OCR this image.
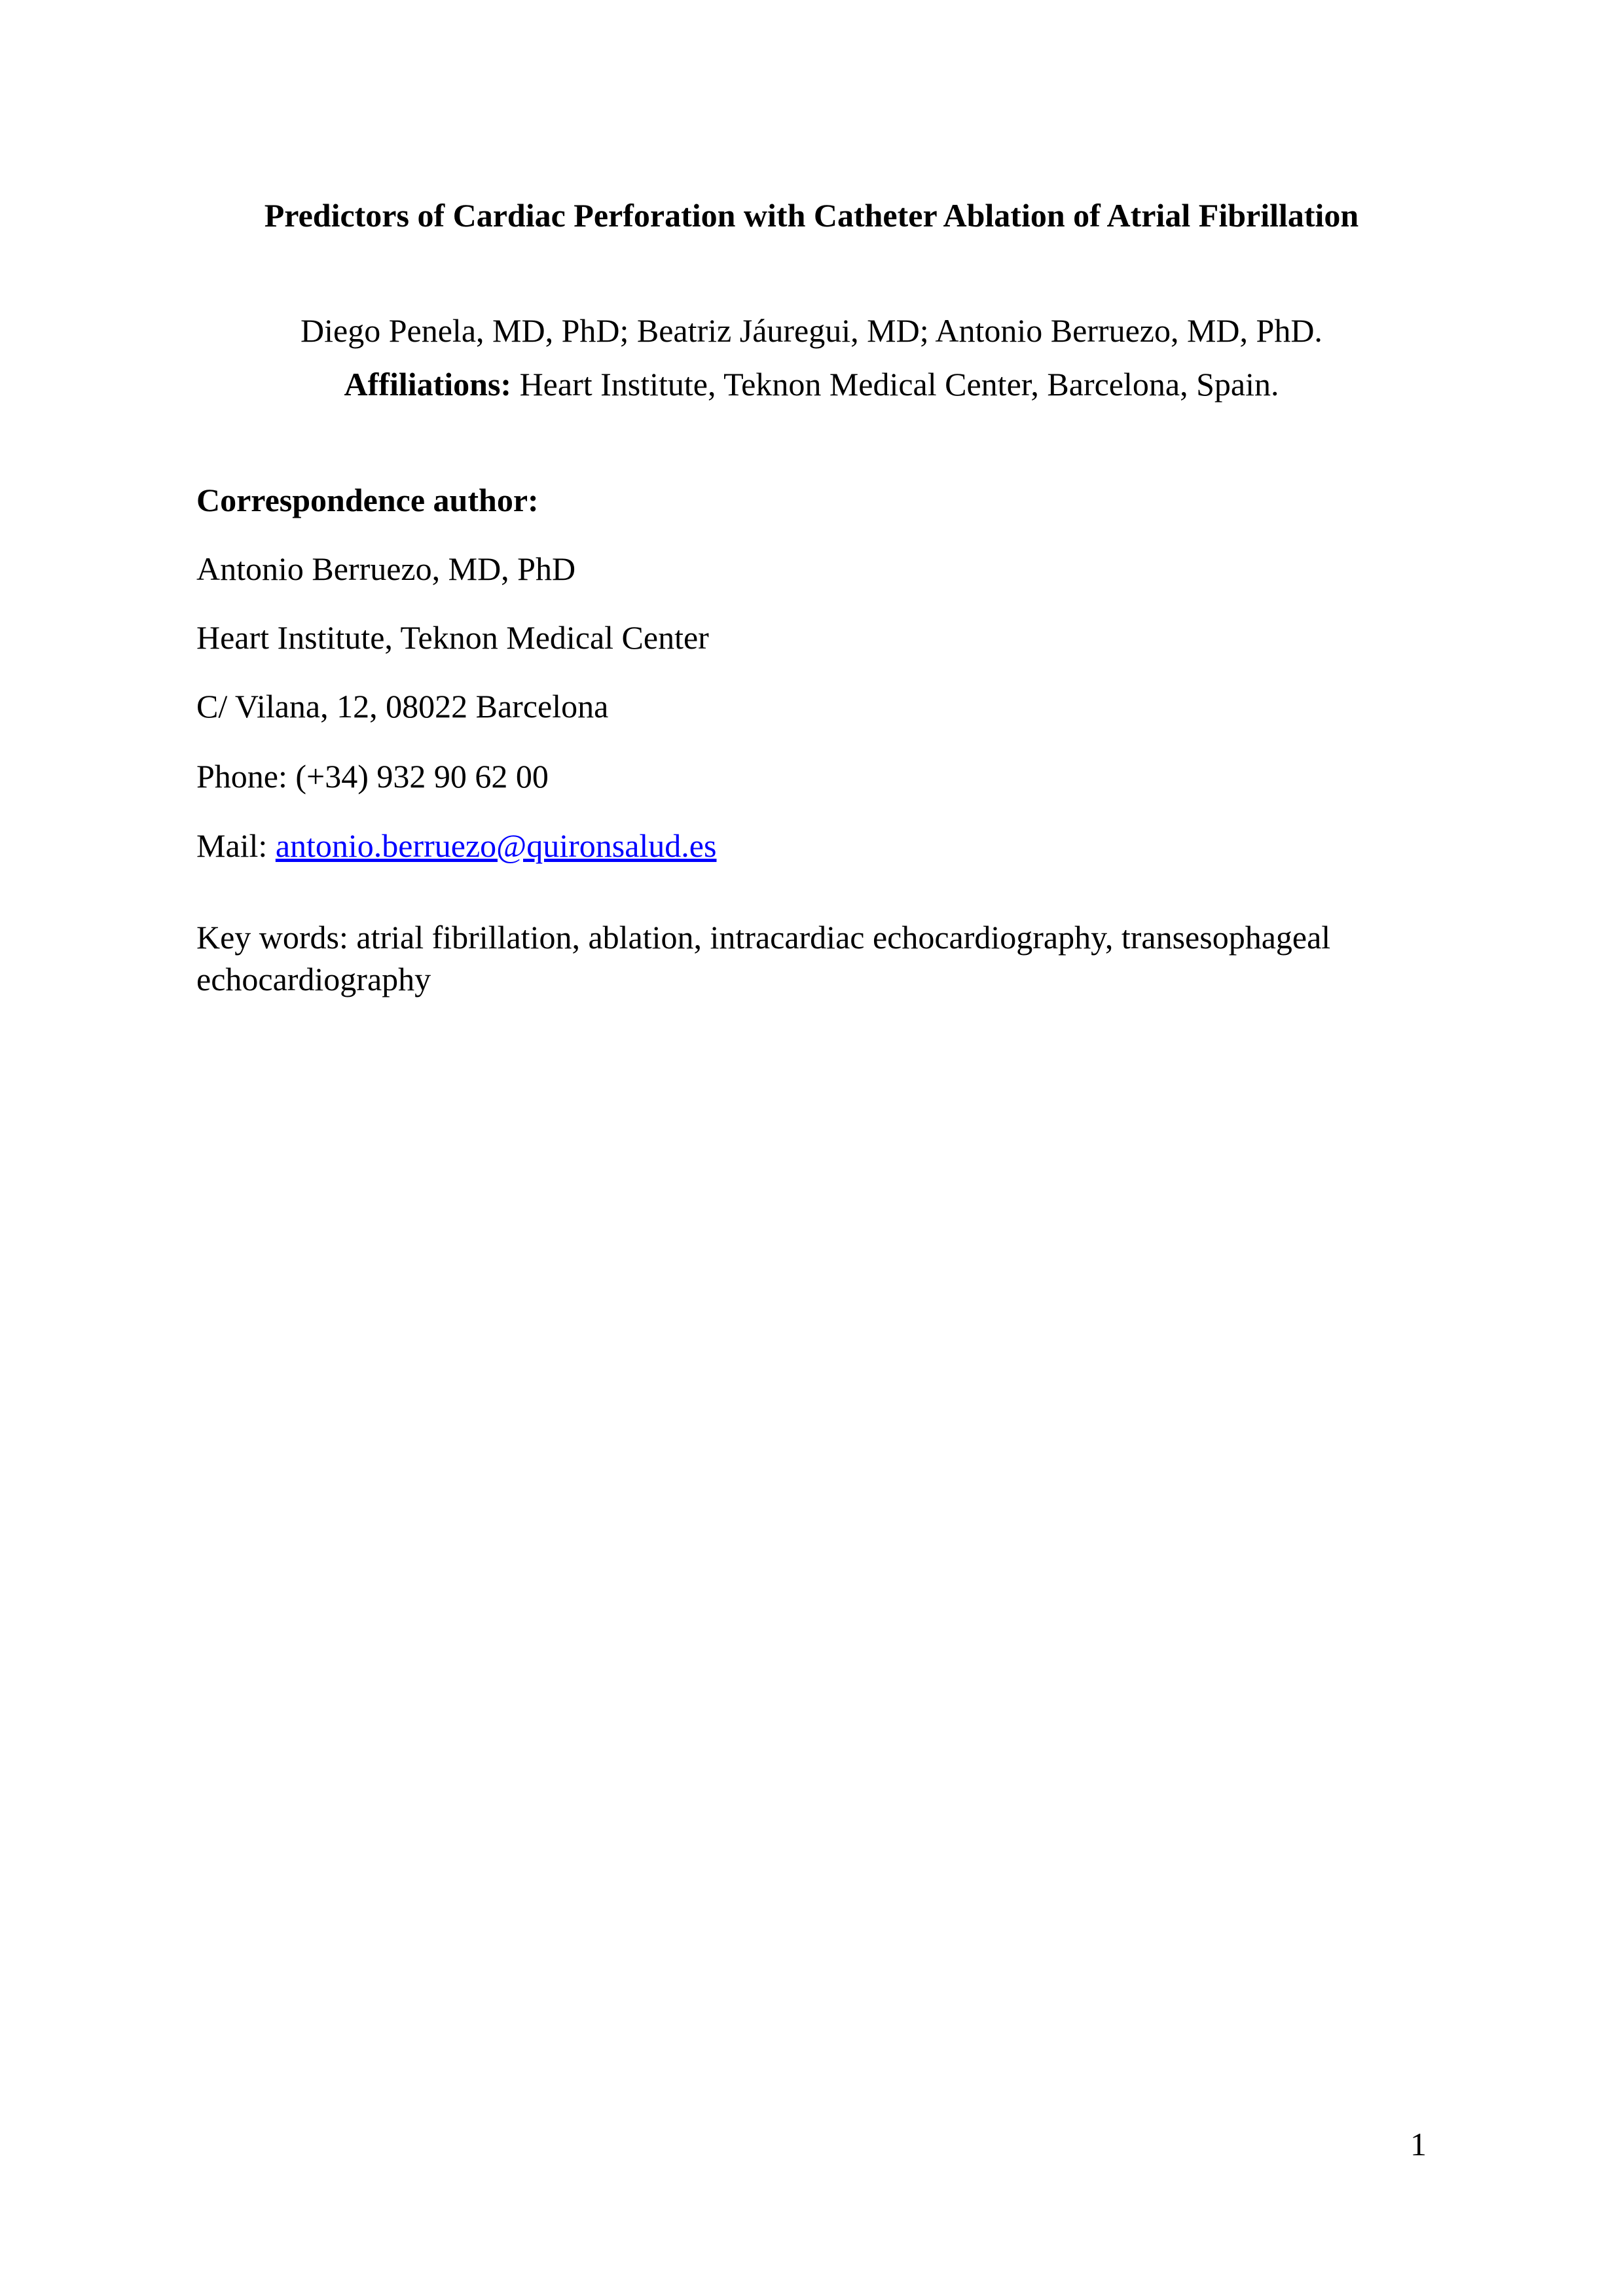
Predictors of Cardiac Perforation with Catheter Ablation of Atrial Fibrillation
Diego Penela, MD, PhD; Beatriz Jáuregui, MD; Antonio Berruezo, MD, PhD.
Affiliations: Heart Institute, Teknon Medical Center, Barcelona, Spain.
Correspondence author:
Antonio Berruezo, MD, PhD
Heart Institute, Teknon Medical Center
C/ Vilana, 12, 08022 Barcelona
Phone: (+34) 932 90 62 00
Mail: antonio.berruezo@quironsalud.es
Key words: atrial fibrillation, ablation, intracardiac echocardiography, transesophageal echocardiography
1
